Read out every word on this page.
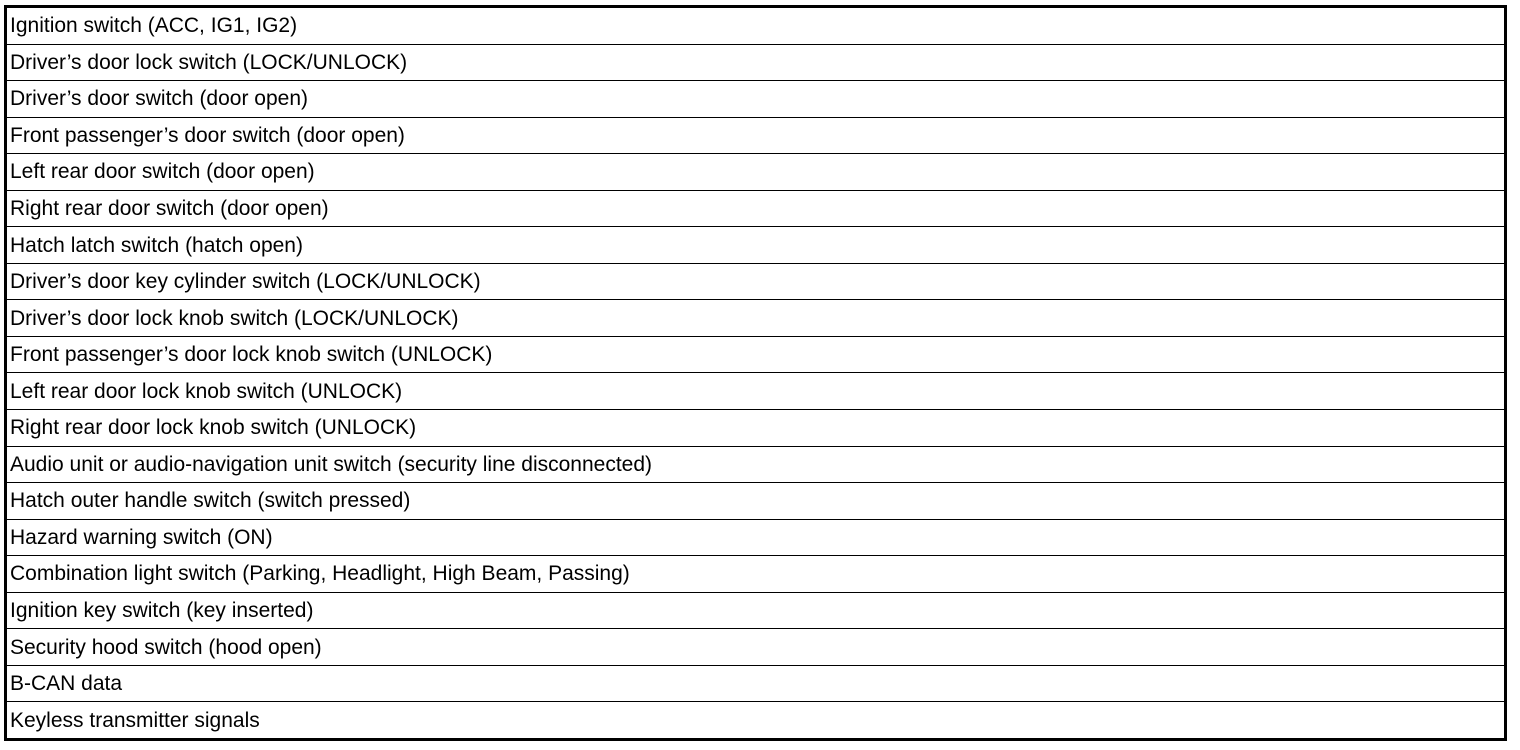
Ignition switch (ACC, IG1, IG2)
Driver’s door lock switch (LOCK/UNLOCK)
Driver’s door switch (door open)
Front passenger’s door switch (door open)
Left rear door switch (door open)
Right rear door switch (door open)
Hatch latch switch (hatch open)
Driver’s door key cylinder switch (LOCK/UNLOCK)
Driver’s door lock knob switch (LOCK/UNLOCK)
Front passenger’s door lock knob switch (UNLOCK)
Left rear door lock knob switch (UNLOCK)
Right rear door lock knob switch (UNLOCK)
Audio unit or audio-navigation unit switch (security line disconnected)
Hatch outer handle switch (switch pressed)
Hazard warning switch (ON)
Combination light switch (Parking, Headlight, High Beam, Passing)
Ignition key switch (key inserted)
Security hood switch (hood open)
B-CAN data
Keyless transmitter signals
